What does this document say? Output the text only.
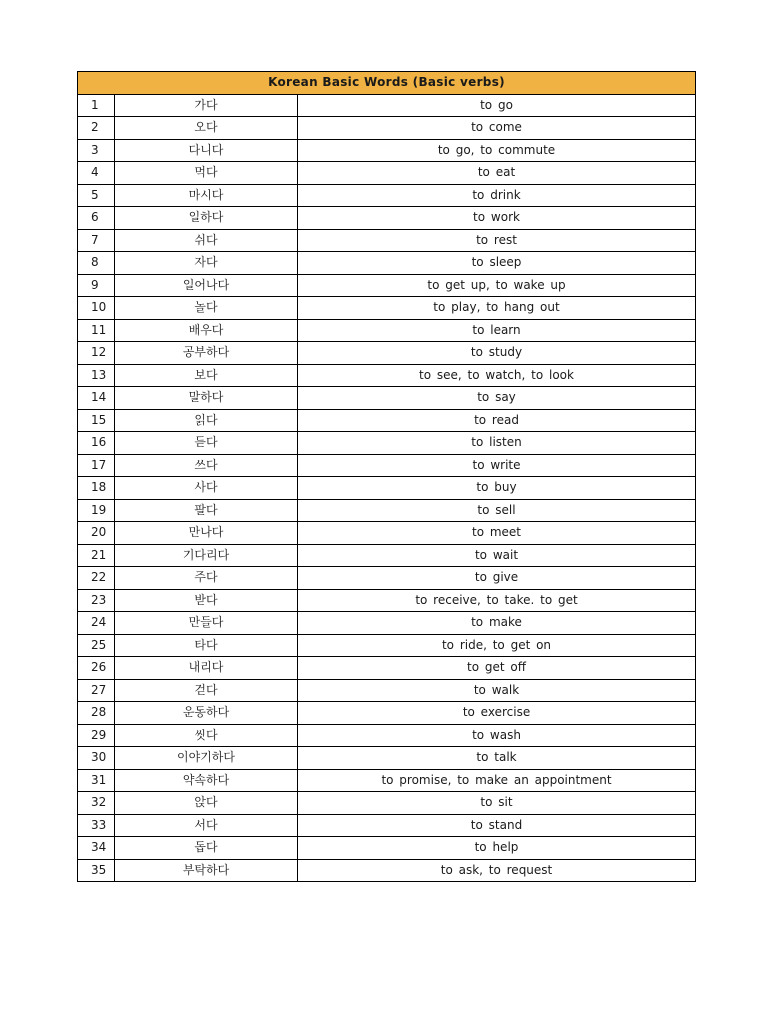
Korean Basic Words (Basic verbs)		
1	가다	to go
2	오다	to come
3	다니다	to go, to commute
4	먹다	to eat
5	마시다	to drink
6	일하다	to work
7	쉬다	to rest
8	자다	to sleep
9	일어나다	to get up, to wake up
10	놀다	to play, to hang out
11	배우다	to learn
12	공부하다	to study
13	보다	to see, to watch, to look
14	말하다	to say
15	읽다	to read
16	듣다	to listen
17	쓰다	to write
18	사다	to buy
19	팔다	to sell
20	만나다	to meet
21	기다리다	to wait
22	주다	to give
23	받다	to receive, to take. to get
24	만들다	to make
25	타다	to ride, to get on
26	내리다	to get off
27	걷다	to walk
28	운동하다	to exercise
29	씻다	to wash
30	이야기하다	to talk
31	약속하다	to promise, to make an appointment
32	앉다	to sit
33	서다	to stand
34	돕다	to help
35	부탁하다	to ask, to request
